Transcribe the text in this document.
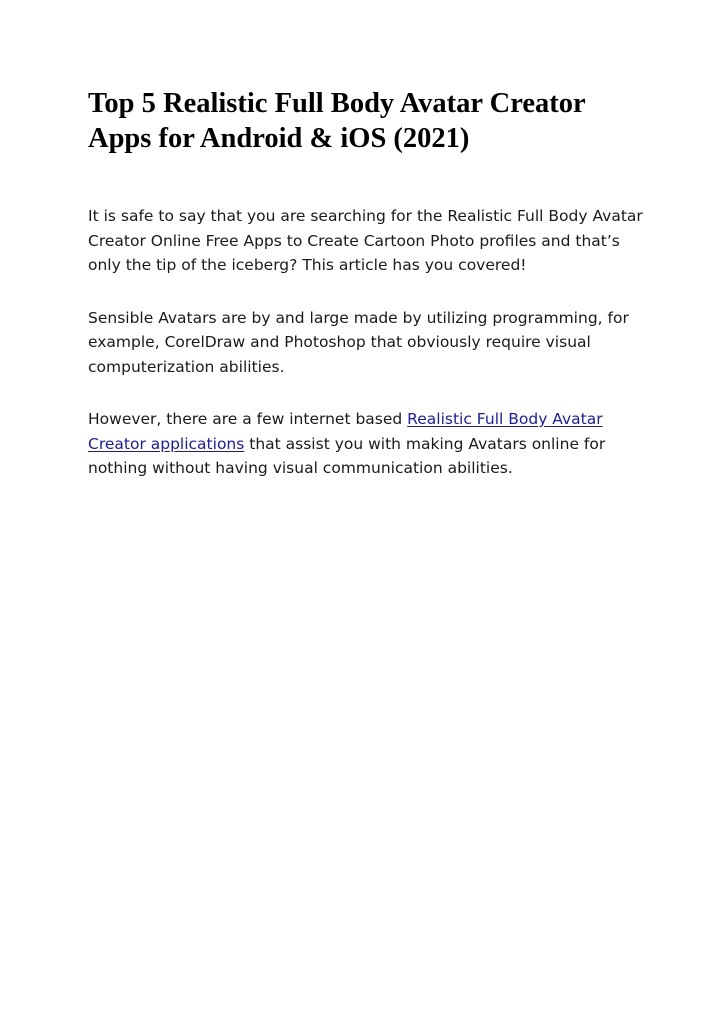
Top 5 Realistic Full Body Avatar Creator Apps for Android & iOS (2021)

It is safe to say that you are searching for the Realistic Full Body Avatar Creator Online Free Apps to Create Cartoon Photo profiles and that’s only the tip of the iceberg? This article has you covered!

Sensible Avatars are by and large made by utilizing programming, for example, CorelDraw and Photoshop that obviously require visual computerization abilities.

However, there are a few internet based Realistic Full Body Avatar Creator applications that assist you with making Avatars online for nothing without having visual communication abilities.
